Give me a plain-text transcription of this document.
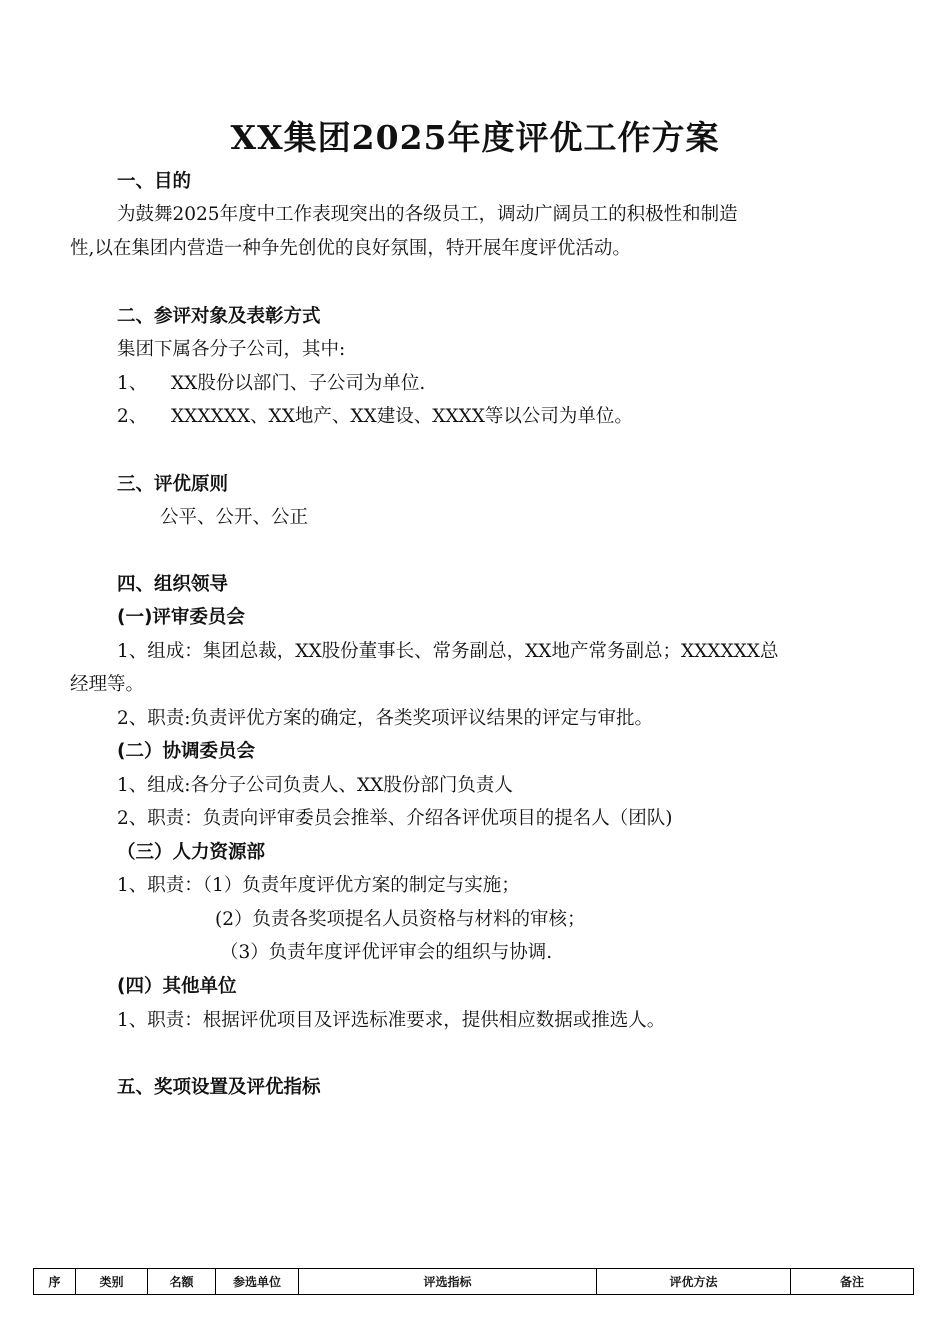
XX集团2025年度评优工作方案
一、目的
为鼓舞2025年度中工作表现突出的各级员工，调动广阔员工的积极性和制造
性,以在集团内营造一种争先创优的良好氛围，特开展年度评优活动。
二、参评对象及表彰方式
集团下属各分子公司，其中:
1、 XX股份以部门、子公司为单位.
2、 XXXXXX、XX地产、XX建设、XXXX等以公司为单位。
三、评优原则
公平、公开、公正
四、组织领导
(一)评审委员会
1、组成：集团总裁，XX股份董事长、常务副总，XX地产常务副总；XXXXXX总
经理等。
2、职责:负责评优方案的确定，各类奖项评议结果的评定与审批。
(二）协调委员会
1、组成:各分子公司负责人、XX股份部门负责人
2、职责：负责向评审委员会推举、介绍各评优项目的提名人（团队)
（三）人力资源部
1、职责：（1）负责年度评优方案的制定与实施；
(2）负责各奖项提名人员资格与材料的审核；
（3）负责年度评优评审会的组织与协调.
(四）其他单位
1、职责：根据评优项目及评选标准要求，提供相应数据或推选人。
五、奖项设置及评优指标
序	类别	名额	参选单位	评选指标	评优方法	备注
